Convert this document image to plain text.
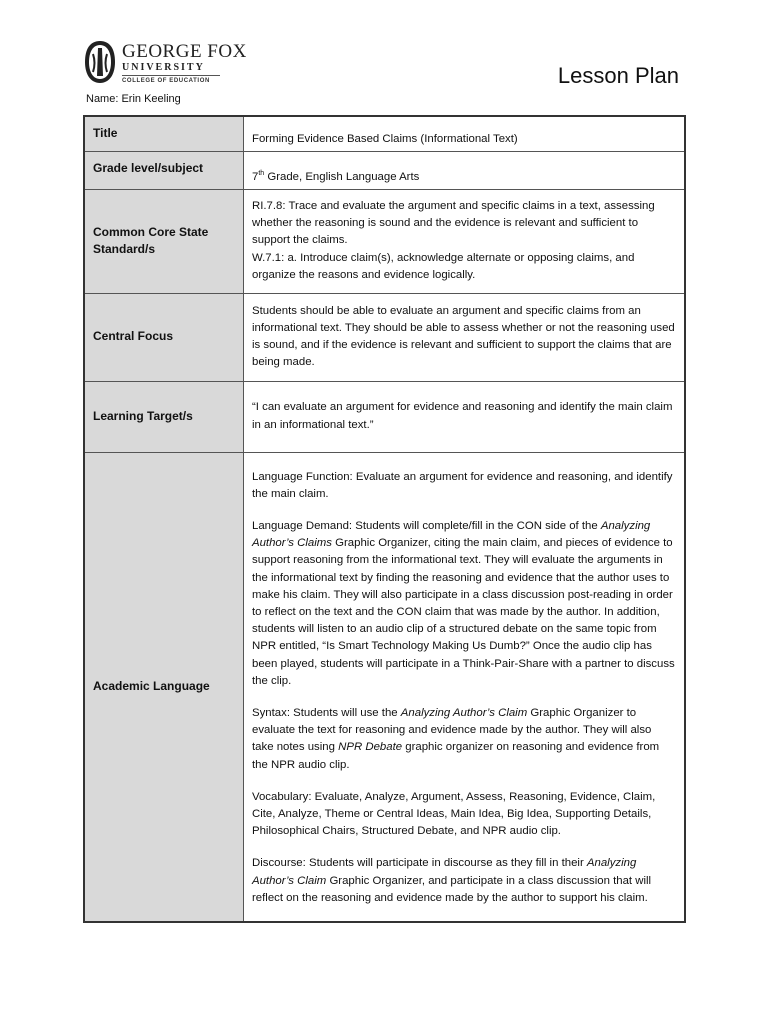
GEORGE FOX
UNIVERSITY
COLLEGE OF EDUCATION	Lesson Plan
Name: Erin Keeling
Title	Forming Evidence Based Claims (Informational Text)
Grade level/subject	7th Grade, English Language Arts
Common Core State Standard/s	RI.7.8: Trace and evaluate the argument and specific claims in a text, assessing whether the reasoning is sound and the evidence is relevant and sufficient to support the claims.
W.7.1: a. Introduce claim(s), acknowledge alternate or opposing claims, and organize the reasons and evidence logically.

Central Focus	Students should be able to evaluate an argument and specific claims from an informational text. They should be able to assess whether or not the reasoning used is sound, and if the evidence is relevant and sufficient to support the claims that are being made.
Learning Target/s	“I can evaluate an argument for evidence and reasoning and identify the main claim in an informational text.”
Academic Language	Language Function: Evaluate an argument for evidence and reasoning, and identify the main claim.

Language Demand: Students will complete/fill in the CON side of the Analyzing Author’s Claims Graphic Organizer, citing the main claim, and pieces of evidence to support reasoning from the informational text. They will evaluate the arguments in the informational text by finding the reasoning and evidence that the author uses to make his claim. They will also participate in a class discussion post-reading in order to reflect on the text and the CON claim that was made by the author. In addition, students will listen to an audio clip of a structured debate on the same topic from NPR entitled, “Is Smart Technology Making Us Dumb?” Once the audio clip has been played, students will participate in a Think-Pair-Share with a partner to discuss the clip.

Syntax: Students will use the Analyzing Author’s Claim Graphic Organizer to evaluate the text for reasoning and evidence made by the author. They will also take notes using NPR Debate graphic organizer on reasoning and evidence from the NPR audio clip.

Vocabulary: Evaluate, Analyze, Argument, Assess, Reasoning, Evidence, Claim, Cite, Analyze, Theme or Central Ideas, Main Idea, Big Idea, Supporting Details, Philosophical Chairs, Structured Debate, and NPR audio clip.

Discourse: Students will participate in discourse as they fill in their Analyzing Author’s Claim Graphic Organizer, and participate in a class discussion that will reflect on the reasoning and evidence made by the author to support his claim.
